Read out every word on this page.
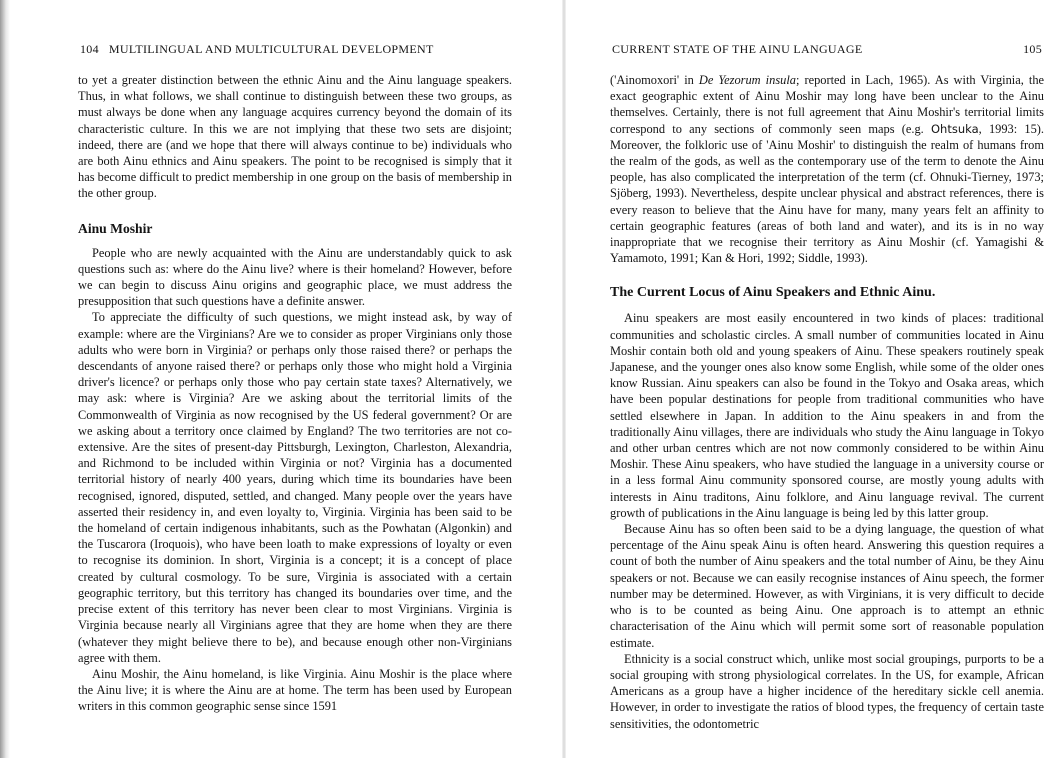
104 MULTILINGUAL AND MULTICULTURAL DEVELOPMENT

to yet a greater distinction between the ethnic Ainu and the Ainu language speakers. Thus, in what follows, we shall continue to distinguish between these two groups, as must always be done when any language acquires currency beyond the domain of its characteristic culture. In this we are not implying that these two sets are disjoint; indeed, there are (and we hope that there will always continue to be) individuals who are both Ainu ethnics and Ainu speakers. The point to be recognised is simply that it has become difficult to predict membership in one group on the basis of membership in the other group.

Ainu Moshir

People who are newly acquainted with the Ainu are understandably quick to ask questions such as: where do the Ainu live? where is their homeland? However, before we can begin to discuss Ainu origins and geographic place, we must address the presupposition that such questions have a definite answer.

To appreciate the difficulty of such questions, we might instead ask, by way of example: where are the Virginians? Are we to consider as proper Virginians only those adults who were born in Virginia? or perhaps only those raised there? or perhaps the descendants of anyone raised there? or perhaps only those who might hold a Virginia driver's licence? or perhaps only those who pay certain state taxes? Alternatively, we may ask: where is Virginia? Are we asking about the territorial limits of the Commonwealth of Virginia as now recognised by the US federal government? Or are we asking about a territory once claimed by England? The two territories are not co-extensive. Are the sites of present-day Pittsburgh, Lexington, Charleston, Alexandria, and Richmond to be included within Virginia or not? Virginia has a documented territorial history of nearly 400 years, during which time its boundaries have been recognised, ignored, disputed, settled, and changed. Many people over the years have asserted their residency in, and even loyalty to, Virginia. Virginia has been said to be the homeland of certain indigenous inhabitants, such as the Powhatan (Algonkin) and the Tuscarora (Iroquois), who have been loath to make expressions of loyalty or even to recognise its dominion. In short, Virginia is a concept; it is a concept of place created by cultural cosmology. To be sure, Virginia is associated with a certain geographic territory, but this territory has changed its boundaries over time, and the precise extent of this territory has never been clear to most Virginians. Virginia is Virginia because nearly all Virginians agree that they are home when they are there (whatever they might believe there to be), and because enough other non-Virginians agree with them.

Ainu Moshir, the Ainu homeland, is like Virginia. Ainu Moshir is the place where the Ainu live; it is where the Ainu are at home. The term has been used by European writers in this common geographic sense since 1591

CURRENT STATE OF THE AINU LANGUAGE	105

('Ainomoxori' in De Yezorum insula; reported in Lach, 1965). As with Virginia, the exact geographic extent of Ainu Moshir may long have been unclear to the Ainu themselves. Certainly, there is not full agreement that Ainu Moshir's territorial limits correspond to any sections of commonly seen maps (e.g. Ohtsuka, 1993: 15). Moreover, the folkloric use of 'Ainu Moshir' to distinguish the realm of humans from the realm of the gods, as well as the contemporary use of the term to denote the Ainu people, has also complicated the interpretation of the term (cf. Ohnuki-Tierney, 1973; Sjöberg, 1993). Nevertheless, despite unclear physical and abstract references, there is every reason to believe that the Ainu have for many, many years felt an affinity to certain geographic features (areas of both land and water), and its is in no way inappropriate that we recognise their territory as Ainu Moshir (cf. Yamagishi & Yamamoto, 1991; Kan & Hori, 1992; Siddle, 1993).

The Current Locus of Ainu Speakers and Ethnic Ainu.

Ainu speakers are most easily encountered in two kinds of places: traditional communities and scholastic circles. A small number of communities located in Ainu Moshir contain both old and young speakers of Ainu. These speakers routinely speak Japanese, and the younger ones also know some English, while some of the older ones know Russian. Ainu speakers can also be found in the Tokyo and Osaka areas, which have been popular destinations for people from traditional communities who have settled elsewhere in Japan. In addition to the Ainu speakers in and from the traditionally Ainu villages, there are individuals who study the Ainu language in Tokyo and other urban centres which are not now commonly considered to be within Ainu Moshir. These Ainu speakers, who have studied the language in a university course or in a less formal Ainu community sponsored course, are mostly young adults with interests in Ainu traditons, Ainu folklore, and Ainu language revival. The current growth of publications in the Ainu language is being led by this latter group.

Because Ainu has so often been said to be a dying language, the question of what percentage of the Ainu speak Ainu is often heard. Answering this question requires a count of both the number of Ainu speakers and the total number of Ainu, be they Ainu speakers or not. Because we can easily recognise instances of Ainu speech, the former number may be determined. However, as with Virginians, it is very difficult to decide who is to be counted as being Ainu. One approach is to attempt an ethnic characterisation of the Ainu which will permit some sort of reasonable population estimate.

Ethnicity is a social construct which, unlike most social groupings, purports to be a social grouping with strong physiological correlates. In the US, for example, African Americans as a group have a higher incidence of the hereditary sickle cell anemia. However, in order to investigate the ratios of blood types, the frequency of certain taste sensitivities, the odontometric
